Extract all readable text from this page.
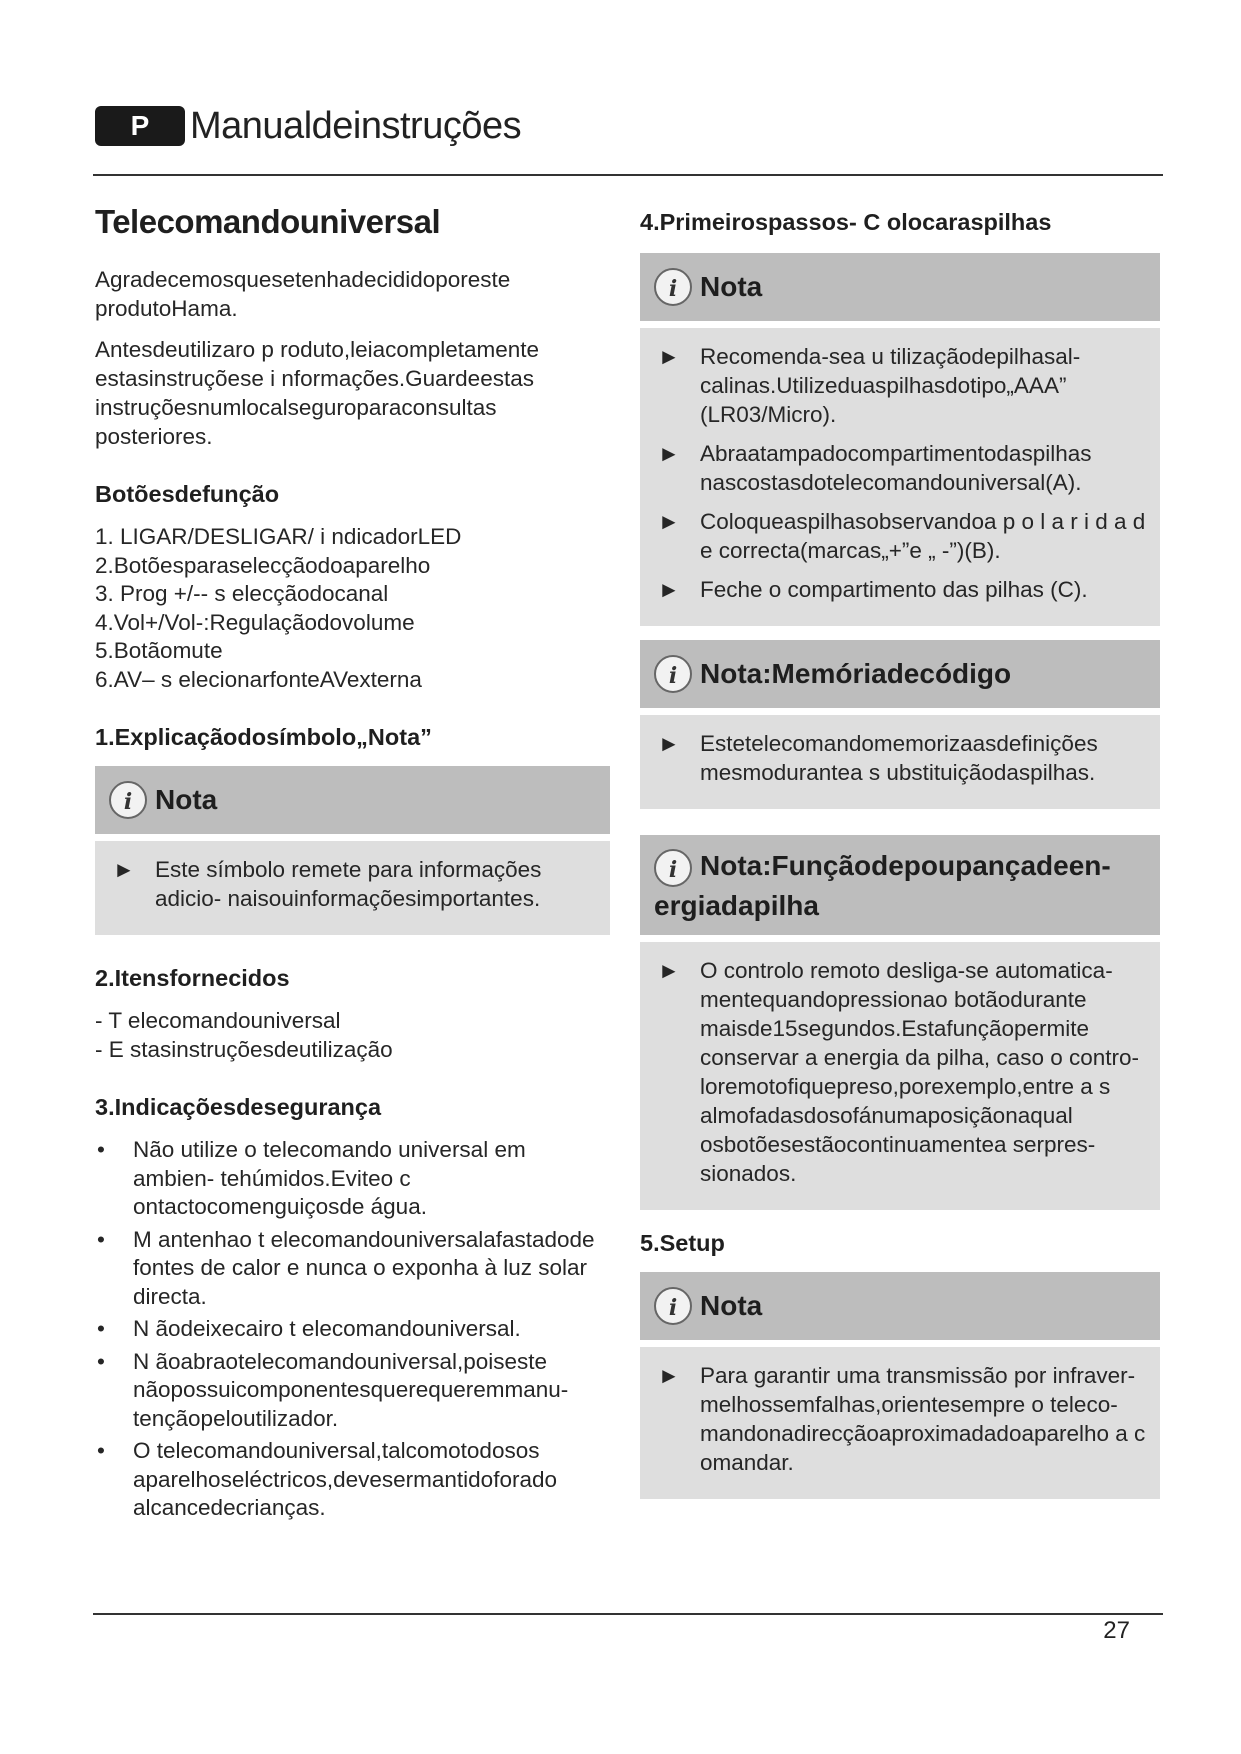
P	Manualdeinstruções
Telecomandouniversal

Agradecemosquesetenhadecididoporeste produtoHama.

Antesdeutilizaro p roduto,leiacompletamente estasinstruçõese i nformações.Guardeestas instruçõesnumlocalseguroparaconsultas posteriores.

Botõesdefunção
1. LIGAR/DESLIGAR/ i ndicadorLED
2.Botõesparaselecçãodoaparelho
3. Prog +/-- s elecçãodocanal
4.Vol+/Vol-:Regulaçãodovolume
5.Botãomute
6.AV– s elecionarfonteAVexterna
1.Explicaçãodosímbolo„Nota”
i Nota
► Este símbolo remete para informações adicio- naisouinformaçõesimportantes.
2.Itensfornecidos
- T elecomandouniversal
- E stasinstruçõesdeutilização
3.Indicaçõesdesegurança
• Não utilize o telecomando universal em ambien- tehúmidos.Eviteo c ontactocomenguiçosde água.
• M antenhao t elecomandouniversalafastadode fontes de calor e nunca o exponha à luz solar directa.
• N ãodeixecairo t elecomandouniversal.
• N ãoabraotelecomandouniversal,poiseste nãopossuicomponentesquerequeremmanu- tençãopeloutilizador.
• O telecomandouniversal,talcomotodosos aparelhoseléctricos,devesermantidoforado alcancedecrianças.
4.Primeirospassos- C olocaraspilhas
i Nota
► Recomenda-sea u tilizaçãodepilhasal- calinas.Utilizeduaspilhasdotipo„AAA” (LR03/Micro).
► Abraatampadocompartimentodaspilhas nascostasdotelecomandouniversal(A).
► Coloqueaspilhasobservandoa p o l a r i d a d e correcta(marcas„+”e „ -”)(B).
► Feche o compartimento das pilhas (C).
i Nota:Memóriadecódigo
► Estetelecomandomemorizaasdefinições mesmodurantea s ubstituiçãodaspilhas.
i Nota:Funçãodepoupançadeen- ergiadapilha
► O controlo remoto desliga-se automatica- mentequandopressionao botãodurante maisde15segundos.Estafunçãopermite conservar a energia da pilha, caso o contro- loremotofiquepreso,porexemplo,entre a s almofadasdosofánumaposiçãonaqual osbotõesestãocontinuamentea serpres- sionados.
5.Setup
i Nota
► Para garantir uma transmissão por infraver- melhossemfalhas,orientesempre o teleco- mandonadirecçãoaproximadadoaparelho a c omandar.
27
